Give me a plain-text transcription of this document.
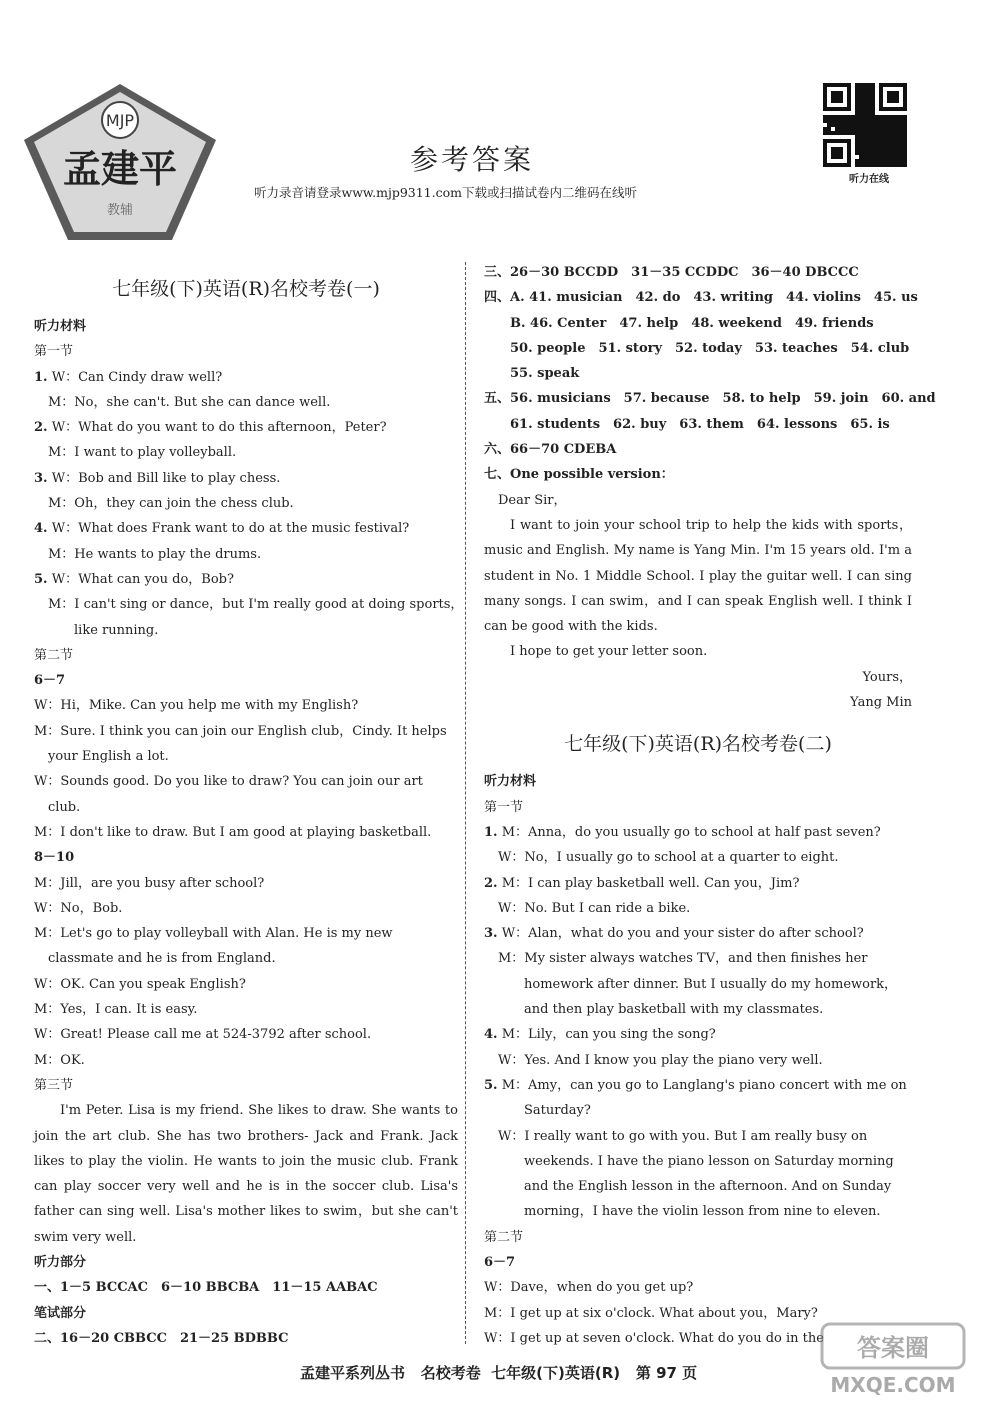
MJP
孟建平
教辅
参考答案
听力录音请登录www.mjp9311.com下载或扫描试卷内二维码在线听
听力在线
七年级(下)英语(R)名校考卷(一)
听力材料
第一节
1. W：Can Cindy draw well?
M：No，she can't. But she can dance well.
2. W：What do you want to do this afternoon，Peter?
M：I want to play volleyball.
3. W：Bob and Bill like to play chess.
M：Oh，they can join the chess club.
4. W：What does Frank want to do at the music festival?
M：He wants to play the drums.
5. W：What can you do，Bob?
M：I can't sing or dance，but I'm really good at doing sports，
like running.
第二节
6－7
W：Hi，Mike. Can you help me with my English?
M：Sure. I think you can join our English club，Cindy. It helps
your English a lot.
W：Sounds good. Do you like to draw? You can join our art
club.
M：I don't like to draw. But I am good at playing basketball.
8－10
M：Jill，are you busy after school?
W：No，Bob.
M：Let's go to play volleyball with Alan. He is my new
classmate and he is from England.
W：OK. Can you speak English?
M：Yes，I can. It is easy.
W：Great! Please call me at 524-3792 after school.
M：OK.
第三节
I'm Peter. Lisa is my friend. She likes to draw. She wants to join the art club. She has two brothers- Jack and Frank. Jack likes to play the violin. He wants to join the music club. Frank can play soccer very well and he is in the soccer club. Lisa's father can sing well. Lisa's mother likes to swim，but she can't swim very well.
听力部分
一、1－5 BCCAC　6－10 BBCBA　11－15 AABAC
笔试部分
二、16－20 CBBCC　21－25 BDBBC
三、26－30 BCCDD　31－35 CCDDC　36－40 DBCCC
四、A. 41. musician　42. do　43. writing　44. violins　45. us
B. 46. Center　47. help　48. weekend　49. friends
50. people　51. story　52. today　53. teaches　54. club
55. speak
五、56. musicians　57. because　58. to help　59. join　60. and
61. students　62. buy　63. them　64. lessons　65. is
六、66－70 CDEBA
七、One possible version：
Dear Sir，
I want to join your school trip to help the kids with sports，music and English. My name is Yang Min. I'm 15 years old. I'm a student in No. 1 Middle School. I play the guitar well. I can sing many songs. I can swim，and I can speak English well. I think I can be good with the kids.
I hope to get your letter soon.
Yours，
Yang Min
七年级(下)英语(R)名校考卷(二)
听力材料
第一节
1. M：Anna，do you usually go to school at half past seven?
W：No，I usually go to school at a quarter to eight.
2. M：I can play basketball well. Can you，Jim?
W：No. But I can ride a bike.
3. W：Alan，what do you and your sister do after school?
M：My sister always watches TV，and then finishes her
homework after dinner. But I usually do my homework，
and then play basketball with my classmates.
4. M：Lily，can you sing the song?
W：Yes. And I know you play the piano very well.
5. M：Amy，can you go to Langlang's piano concert with me on
Saturday?
W：I really want to go with you. But I am really busy on
weekends. I have the piano lesson on Saturday morning
and the English lesson in the afternoon. And on Sunday
morning，I have the violin lesson from nine to eleven.
第二节
6－7
W：Dave，when do you get up?
M：I get up at six o'clock. What about you，Mary?
W：I get up at seven o'clock. What do you do in the
孟建平系列丛书 名校考卷 七年级(下)英语(R) 第 97 页
答案圈
MXQE.COM
